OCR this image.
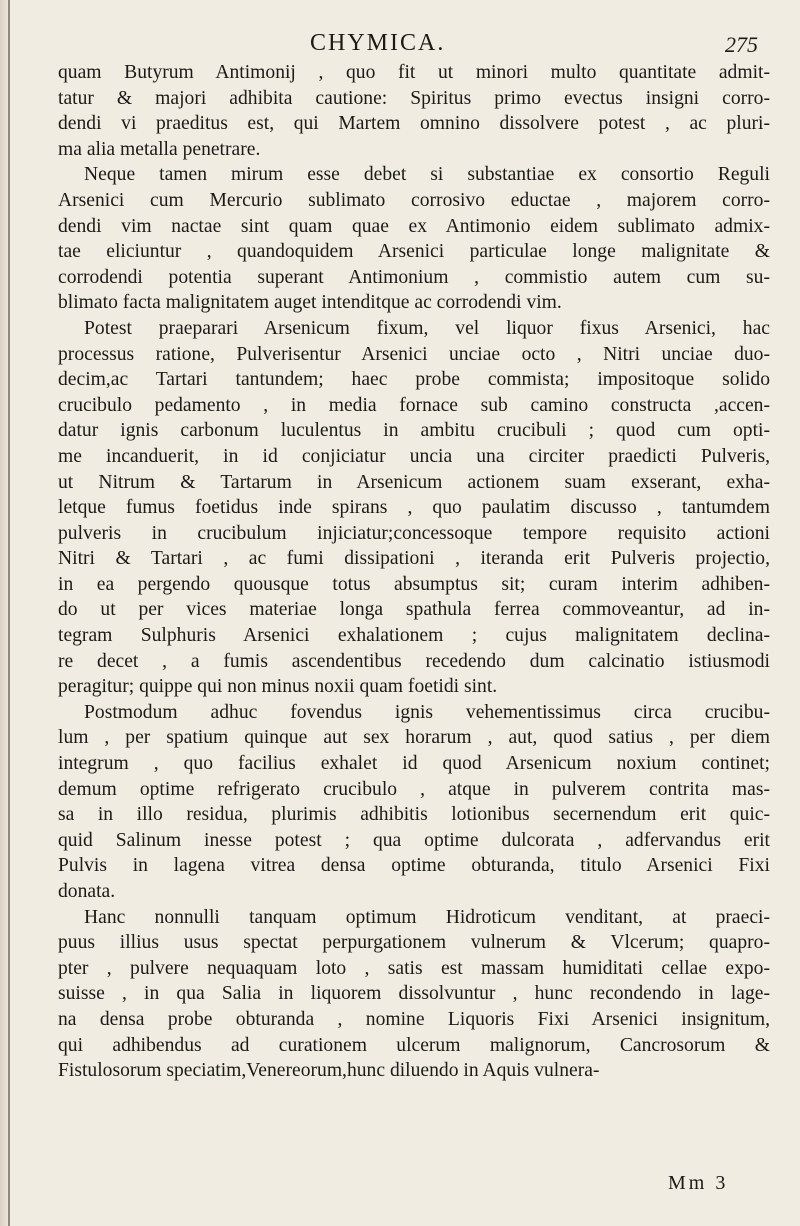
CHYMICA.	275
quam Butyrum Antimonij , quo fit ut minori multo quantitate admit-
tatur & majori adhibita cautione: Spiritus primo evectus insigni corro-
dendi vi praeditus est, qui Martem omnino dissolvere potest , ac pluri-
ma alia metalla penetrare.
Neque tamen mirum esse debet si substantiae ex consortio Reguli
Arsenici cum Mercurio sublimato corrosivo eductae , majorem corro-
dendi vim nactae sint quam quae ex Antimonio eidem sublimato admix-
tae eliciuntur , quandoquidem Arsenici particulae longe malignitate &
corrodendi potentia superant Antimonium , commistio autem cum su-
blimato facta malignitatem auget intenditque ac corrodendi vim.
Potest praeparari Arsenicum fixum, vel liquor fixus Arsenici, hac
processus ratione, Pulverisentur Arsenici unciae octo , Nitri unciae duo-
decim,ac Tartari tantundem; haec probe commista; impositoque solido
crucibulo pedamento , in media fornace sub camino constructa ,accen-
datur ignis carbonum luculentus in ambitu crucibuli ; quod cum opti-
me incanduerit, in id conjiciatur uncia una circiter praedicti Pulveris,
ut Nitrum & Tartarum in Arsenicum actionem suam exserant, exha-
letque fumus foetidus inde spirans , quo paulatim discusso , tantumdem
pulveris in crucibulum injiciatur;concessoque tempore requisito actioni
Nitri & Tartari , ac fumi dissipationi , iteranda erit Pulveris projectio,
in ea pergendo quousque totus absumptus sit; curam interim adhiben-
do ut per vices materiae longa spathula ferrea commoveantur, ad in-
tegram Sulphuris Arsenici exhalationem ; cujus malignitatem declina-
re decet , a fumis ascendentibus recedendo dum calcinatio istiusmodi
peragitur; quippe qui non minus noxii quam foetidi sint.
Postmodum adhuc fovendus ignis vehementissimus circa crucibu-
lum , per spatium quinque aut sex horarum , aut, quod satius , per diem
integrum , quo facilius exhalet id quod Arsenicum noxium continet;
demum optime refrigerato crucibulo , atque in pulverem contrita mas-
sa in illo residua, plurimis adhibitis lotionibus secernendum erit quic-
quid Salinum inesse potest ; qua optime dulcorata , adfervandus erit
Pulvis in lagena vitrea densa optime obturanda, titulo Arsenici Fixi
donata.
Hanc nonnulli tanquam optimum Hidroticum venditant, at praeci-
puus illius usus spectat perpurgationem vulnerum & Vlcerum; quapro-
pter , pulvere nequaquam loto , satis est massam humiditati cellae expo-
suisse , in qua Salia in liquorem dissolvuntur , hunc recondendo in lage-
na densa probe obturanda , nomine Liquoris Fixi Arsenici insignitum,
qui adhibendus ad curationem ulcerum malignorum, Cancrosorum &
Fistulosorum speciatim,Venereorum,hunc diluendo in Aquis vulnera-
Mm 3
